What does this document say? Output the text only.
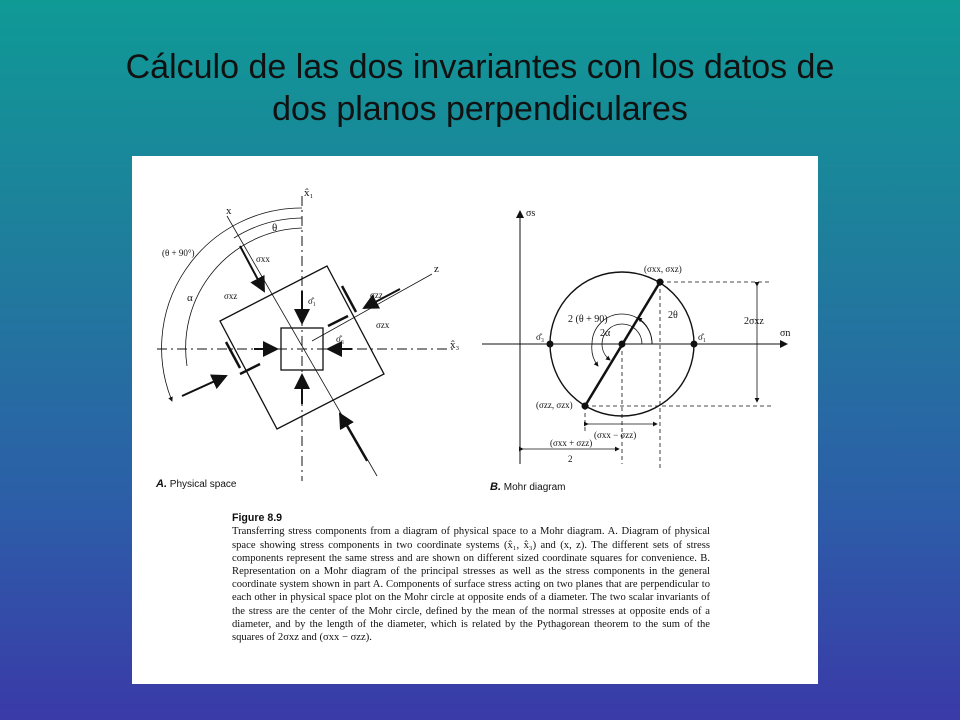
Cálculo de las dos invariantes con los datos de
dos planos perpendiculares
x̂₁
x̂₃
x
z
θ
(θ + 90°)
α
σxx
σxz	σzz
σzx
σ̂₁
σ̂₃
σs
σn
(σxx, σxz)
(σzz, σzx)
σ̂₁
σ̂₃
2 (θ + 90)
2α
2θ
2σxz
(σxx − σzz)
(σxx + σzz)
2
A. Physical space	B. Mohr diagram

Figure 8.9
Transferring stress components from a diagram of physical space to a Mohr diagram. A. Diagram of physical space showing stress components in two coordinate systems (x̂₁, x̂₃) and (x, z). The different sets of stress components represent the same stress and are shown on different sized coordinate squares for convenience. B. Representation on a Mohr diagram of the principal stresses as well as the stress components in the general coordinate system shown in part A. Components of surface stress acting on two planes that are perpendicular to each other in physical space plot on the Mohr circle at opposite ends of a diameter. The two scalar invariants of the stress are the center of the Mohr circle, defined by the mean of the normal stresses at opposite ends of a diameter, and by the length of the diameter, which is related by the Pythagorean theorem to the sum of the squares of 2σxz and (σxx − σzz).
